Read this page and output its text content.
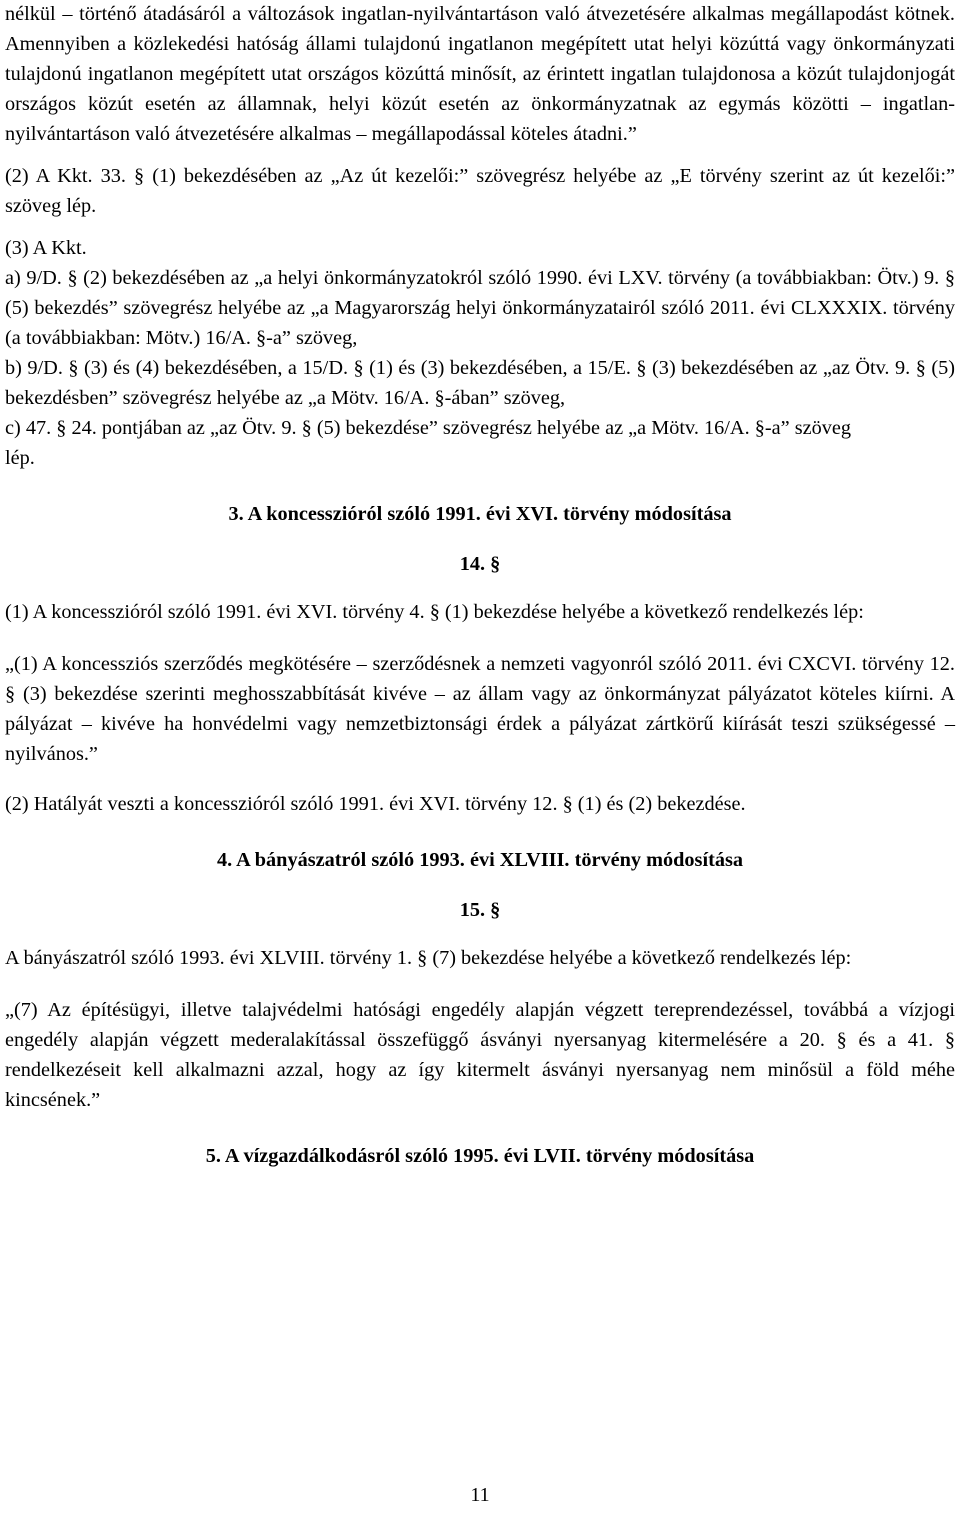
nélkül – történő átadásáról a változások ingatlan-nyilvántartáson való átvezetésére alkalmas megállapodást kötnek. Amennyiben a közlekedési hatóság állami tulajdonú ingatlanon megépített utat helyi közúttá vagy önkormányzati tulajdonú ingatlanon megépített utat országos közúttá minősít, az érintett ingatlan tulajdonosa a közút tulajdonjogát országos közút esetén az államnak, helyi közút esetén az önkormányzatnak az egymás közötti – ingatlan-nyilvántartáson való átvezetésére alkalmas – megállapodással köteles átadni.”

(2) A Kkt. 33. § (1) bekezdésében az „Az út kezelői:” szövegrész helyébe az „E törvény szerint az út kezelői:” szöveg lép.

(3) A Kkt.

a) 9/D. § (2) bekezdésében az „a helyi önkormányzatokról szóló 1990. évi LXV. törvény (a továbbiakban: Ötv.) 9. § (5) bekezdés” szövegrész helyébe az „a Magyarország helyi önkormányzatairól szóló 2011. évi CLXXXIX. törvény (a továbbiakban: Mötv.) 16/A. §-a” szöveg,

b) 9/D. § (3) és (4) bekezdésében, a 15/D. § (1) és (3) bekezdésében, a 15/E. § (3) bekezdésében az „az Ötv. 9. § (5) bekezdésben” szövegrész helyébe az „a Mötv. 16/A. §-ában” szöveg,

c) 47. § 24. pontjában az „az Ötv. 9. § (5) bekezdése” szövegrész helyébe az „a Mötv. 16/A. §-a” szöveg

lép.

3. A koncesszióról szóló 1991. évi XVI. törvény módosítása

14. §

(1) A koncesszióról szóló 1991. évi XVI. törvény 4. § (1) bekezdése helyébe a következő rendelkezés lép:

„(1) A koncessziós szerződés megkötésére – szerződésnek a nemzeti vagyonról szóló 2011. évi CXCVI. törvény 12. § (3) bekezdése szerinti meghosszabbítását kivéve – az állam vagy az önkormányzat pályázatot köteles kiírni. A pályázat – kivéve ha honvédelmi vagy nemzetbiztonsági érdek a pályázat zártkörű kiírását teszi szükségessé – nyilvános.”

(2) Hatályát veszti a koncesszióról szóló 1991. évi XVI. törvény 12. § (1) és (2) bekezdése.

4. A bányászatról szóló 1993. évi XLVIII. törvény módosítása

15. §

A bányászatról szóló 1993. évi XLVIII. törvény 1. § (7) bekezdése helyébe a következő rendelkezés lép:

„(7) Az építésügyi, illetve talajvédelmi hatósági engedély alapján végzett tereprendezéssel, továbbá a vízjogi engedély alapján végzett mederalakítással összefüggő ásványi nyersanyag kitermelésére a 20. § és a 41. § rendelkezéseit kell alkalmazni azzal, hogy az így kitermelt ásványi nyersanyag nem minősül a föld méhe kincsének.”

5. A vízgazdálkodásról szóló 1995. évi LVII. törvény módosítása

11
